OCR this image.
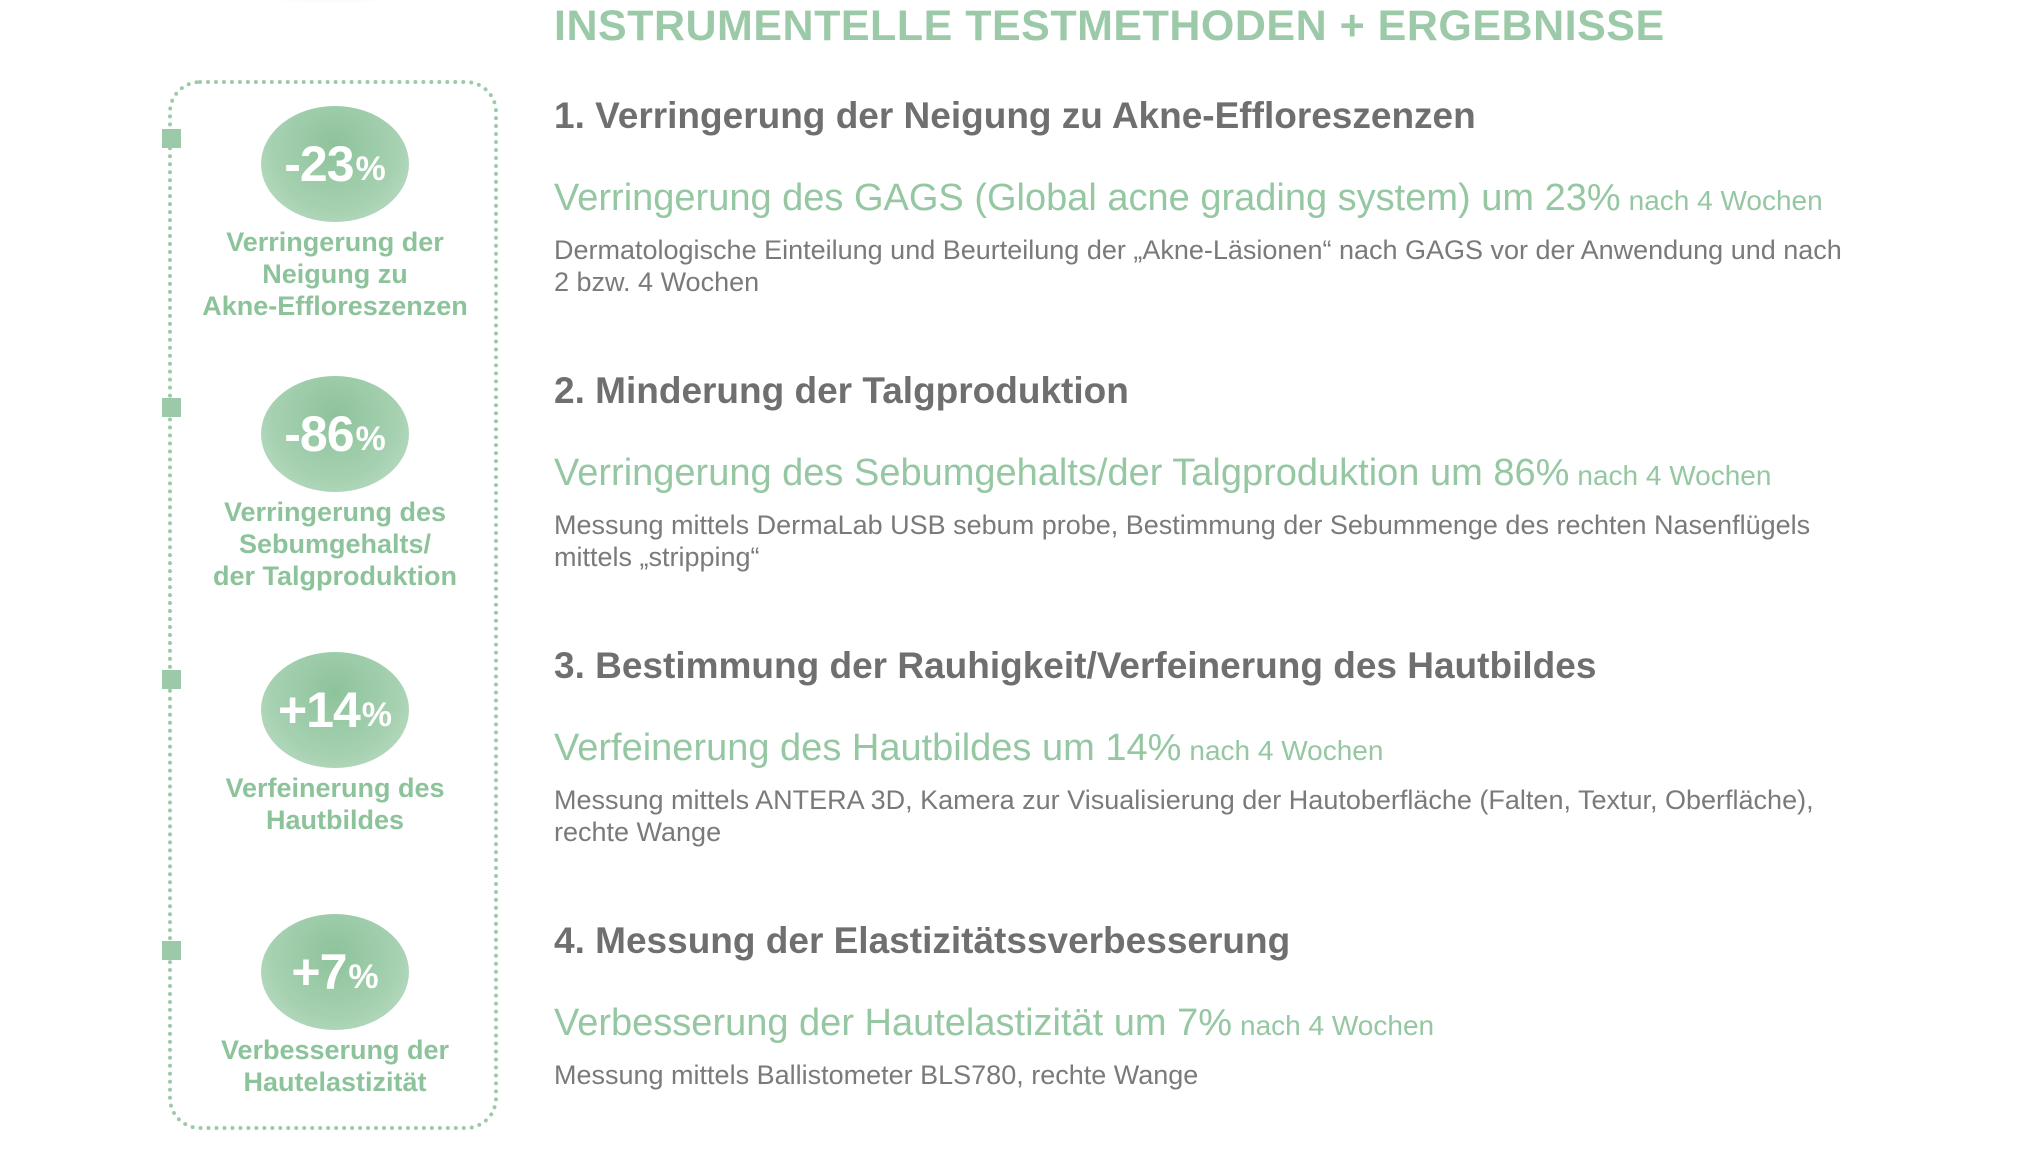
-23 %
Verringerung der
Neigung zu
Akne-Effloreszenzen
-86 %
Verringerung des
Sebumgehalts/
der Talgproduktion
+14 %
Verfeinerung des
Hautbildes
+7 %
Verbesserung der
Hautelastizität
INSTRUMENTELLE TESTMETHODEN + ERGEBNISSE
1. Verringerung der Neigung zu Akne-Effloreszenzen
Verringerung des GAGS (Global acne grading system) um 23% nach 4 Wochen
Dermatologische Einteilung und Beurteilung der „Akne-Läsionen“ nach GAGS vor der Anwendung und nach
2 bzw. 4 Wochen
2. Minderung der Talgproduktion
Verringerung des Sebumgehalts/der Talgproduktion um 86% nach 4 Wochen
Messung mittels DermaLab USB sebum probe, Bestimmung der Sebummenge des rechten Nasenflügels
mittels „stripping“
3. Bestimmung der Rauhigkeit/Verfeinerung des Hautbildes
Verfeinerung des Hautbildes um 14% nach 4 Wochen
Messung mittels ANTERA 3D, Kamera zur Visualisierung der Hautoberfläche (Falten, Textur, Oberfläche),
rechte Wange
4. Messung der Elastizitätssverbesserung
Verbesserung der Hautelastizität um 7% nach 4 Wochen
Messung mittels Ballistometer BLS780, rechte Wange
